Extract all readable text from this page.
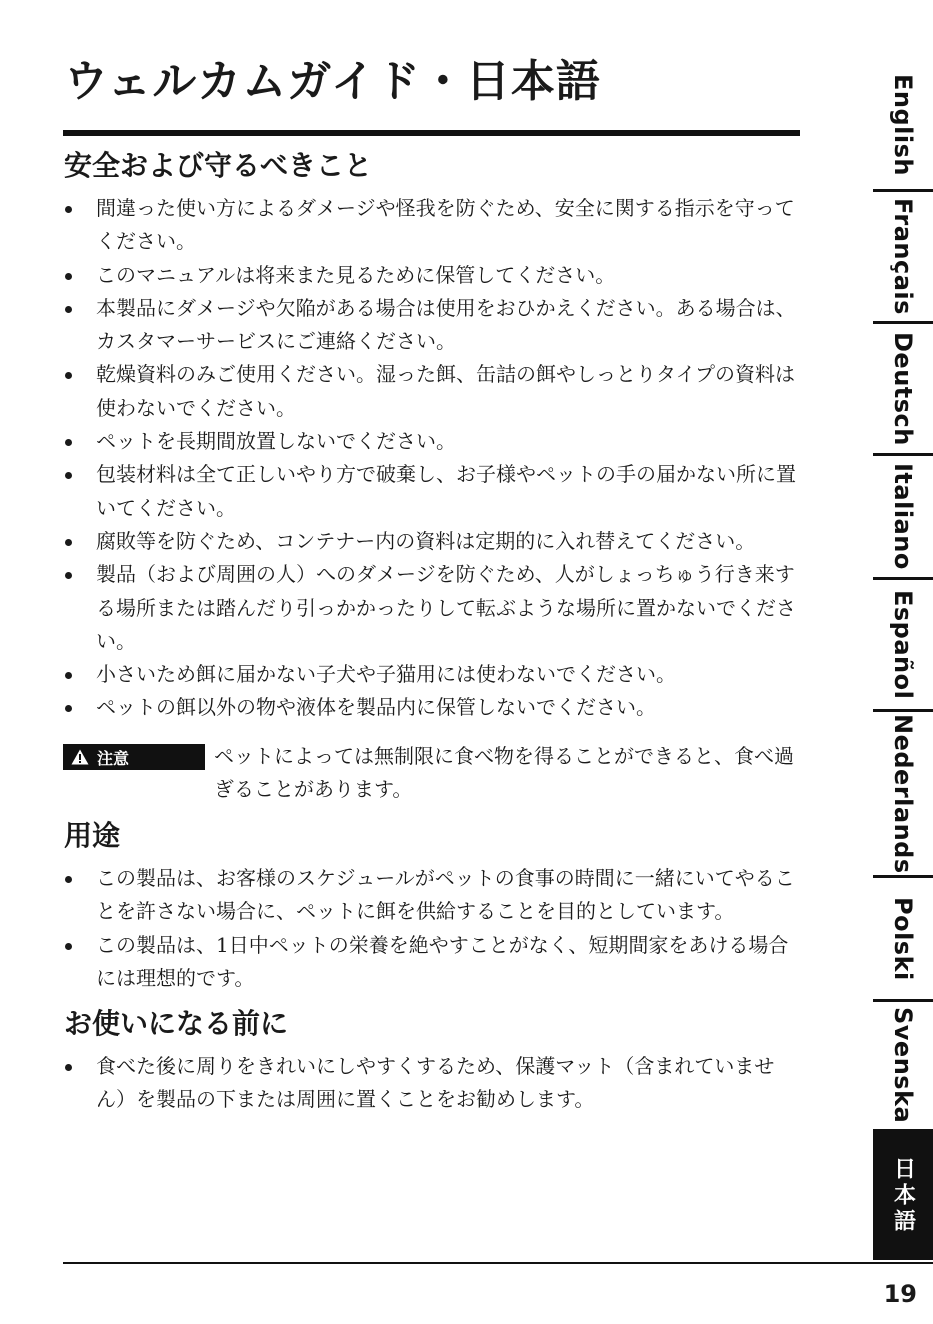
ウェルカムガイド・日本語
安全および守るべきこと
間違った使い方によるダメージや怪我を防ぐため、安全に関する指示を守ってください。
このマニュアルは将来また見るために保管してください。
本製品にダメージや欠陥がある場合は使用をおひかえください。ある場合は、カスタマーサービスにご連絡ください。
乾燥資料のみご使用ください。湿った餌、缶詰の餌やしっとりタイプの資料は使わないでください。
ペットを長期間放置しないでください。
包装材料は全て正しいやり方で破棄し、お子様やペットの手の届かない所に置いてください。
腐敗等を防ぐため、コンテナー内の資料は定期的に入れ替えてください。
製品（および周囲の人）へのダメージを防ぐため、人がしょっちゅう行き来する場所または踏んだり引っかかったりして転ぶような場所に置かないでください。
小さいため餌に届かない子犬や子猫用には使わないでください。
ペットの餌以外の物や液体を製品内に保管しないでください。
注意	ペットによっては無制限に食べ物を得ることができると、食べ過ぎることがあります。
用途
この製品は、お客様のスケジュールがペットの食事の時間に一緒にいてやることを許さない場合に、ペットに餌を供給することを目的としています。
この製品は、1日中ペットの栄養を絶やすことがなく、短期間家をあける場合には理想的です。
お使いになる前に
食べた後に周りをきれいにしやすくするため、保護マット（含まれていません）を製品の下または周囲に置くことをお勧めします。
English
Français
Deutsch
Italiano
Español
Nederlands
Polski
Svenska
日本語
19
